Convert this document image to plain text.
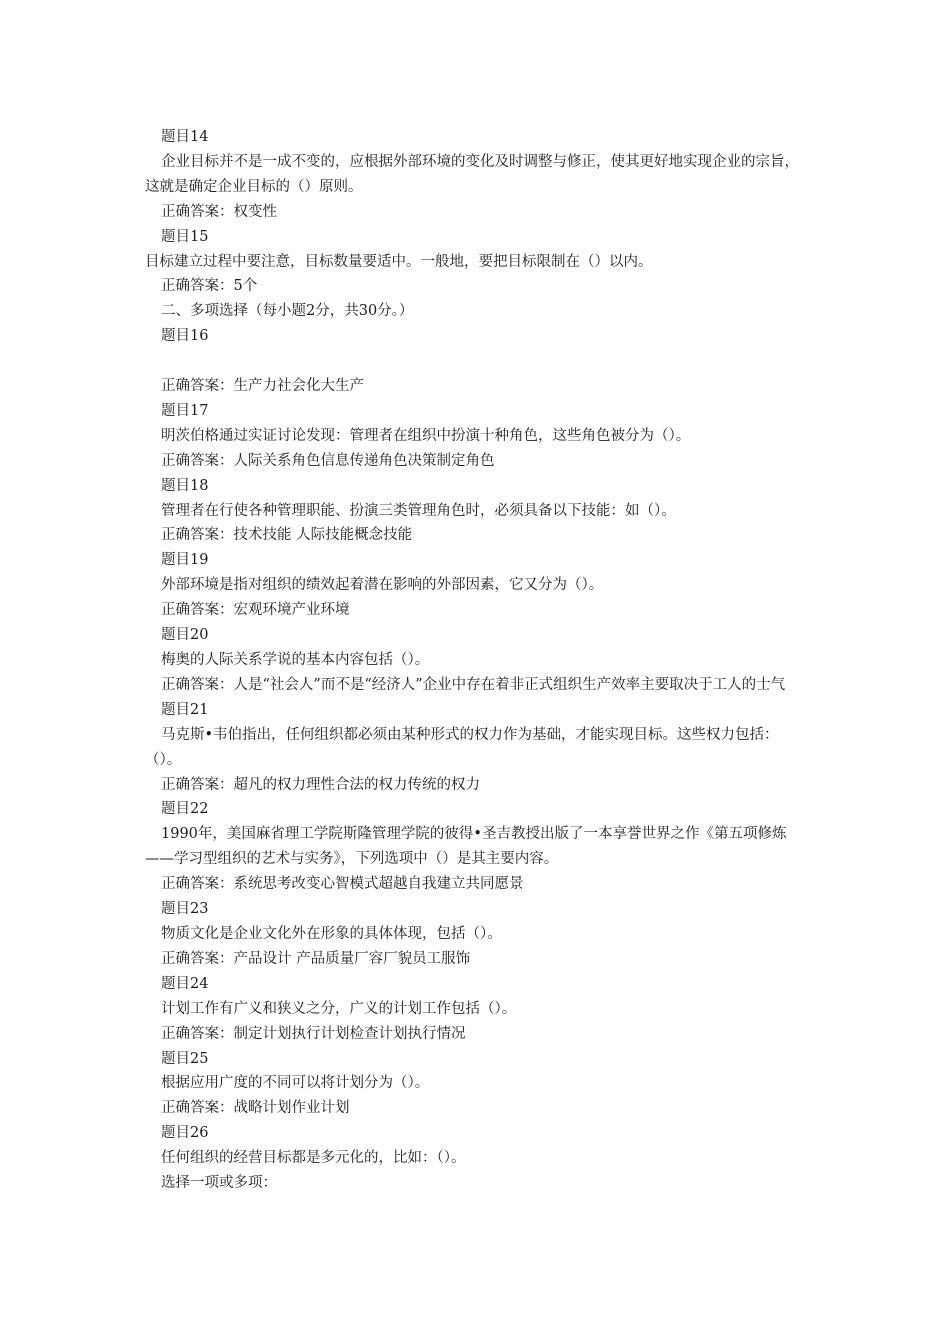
题目14
企业目标并不是一成不变的，应根据外部环境的变化及时调整与修正，使其更好地实现企业的宗旨，这就是确定企业目标的（）原则。
正确答案：权变性
题目15
目标建立过程中要注意，目标数量要适中。一般地，要把目标限制在（）以内。
正确答案：5个
二、多项选择（每小题2分，共30分。）
题目16
正确答案：生产力社会化大生产
题目17
明茨伯格通过实证讨论发现：管理者在组织中扮演十种角色，这些角色被分为（）。
正确答案：人际关系角色信息传递角色决策制定角色
题目18
管理者在行使各种管理职能、扮演三类管理角色时，必须具备以下技能：如（）。
正确答案：技术技能 人际技能概念技能
题目19
外部环境是指对组织的绩效起着潜在影响的外部因素，它又分为（）。
正确答案：宏观环境产业环境
题目20
梅奥的人际关系学说的基本内容包括（）。
正确答案：人是“社会人”而不是“经济人”企业中存在着非正式组织生产效率主要取决于工人的士气
题目21
马克斯•韦伯指出，任何组织都必须由某种形式的权力作为基础，才能实现目标。这些权力包括：（）。
正确答案：超凡的权力理性合法的权力传统的权力
题目22
1990年，美国麻省理工学院斯隆管理学院的彼得•圣吉教授出版了一本享誉世界之作《第五项修炼——学习型组织的艺术与实务》，下列选项中（）是其主要内容。
正确答案：系统思考改变心智模式超越自我建立共同愿景
题目23
物质文化是企业文化外在形象的具体体现，包括（）。
正确答案：产品设计 产品质量厂容厂貌员工服饰
题目24
计划工作有广义和狭义之分，广义的计划工作包括（）。
正确答案：制定计划执行计划检查计划执行情况
题目25
根据应用广度的不同可以将计划分为（）。
正确答案：战略计划作业计划
题目26
任何组织的经营目标都是多元化的，比如：（）。
选择一项或多项：
